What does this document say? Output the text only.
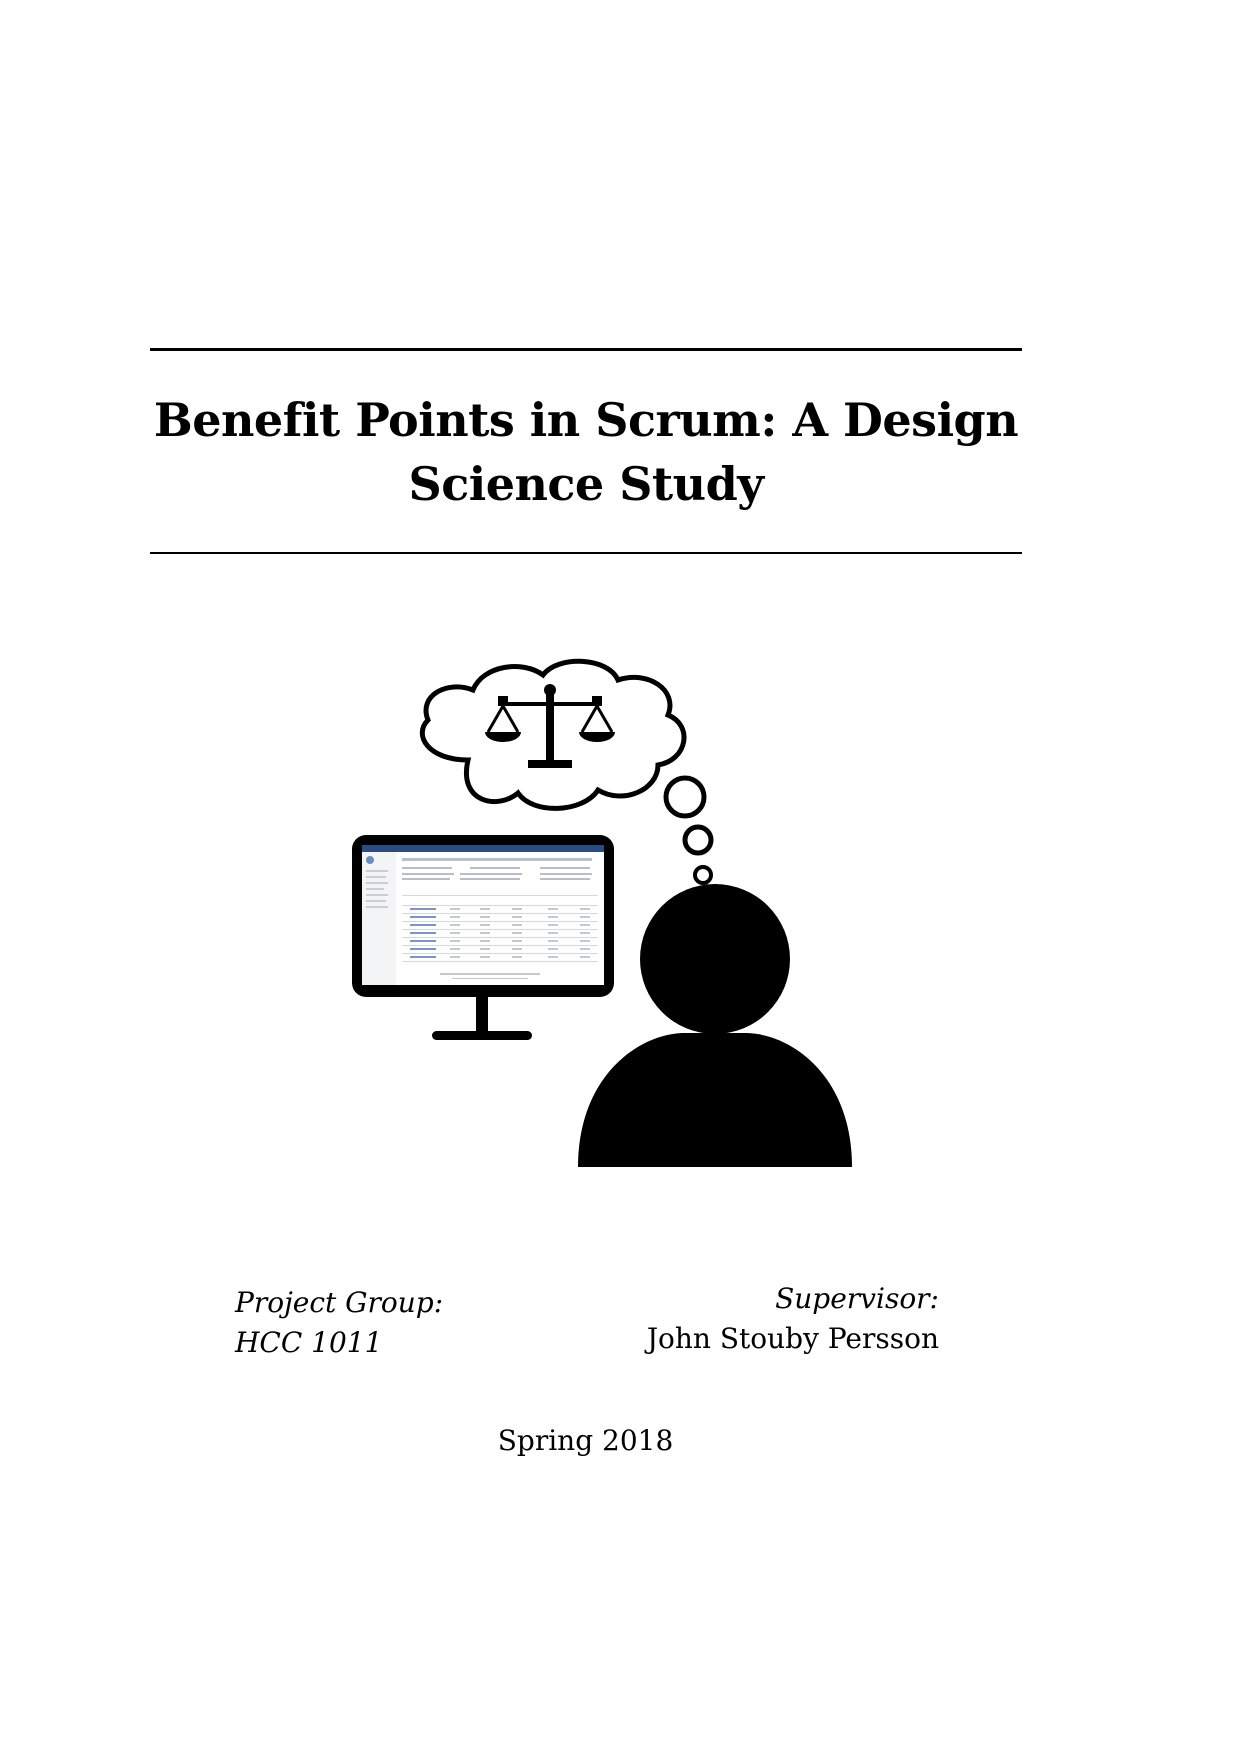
Benefit Points in Scrum: A Design Science Study
Project Group:
HCC 1011
Supervisor:
John Stouby Persson
Spring 2018
